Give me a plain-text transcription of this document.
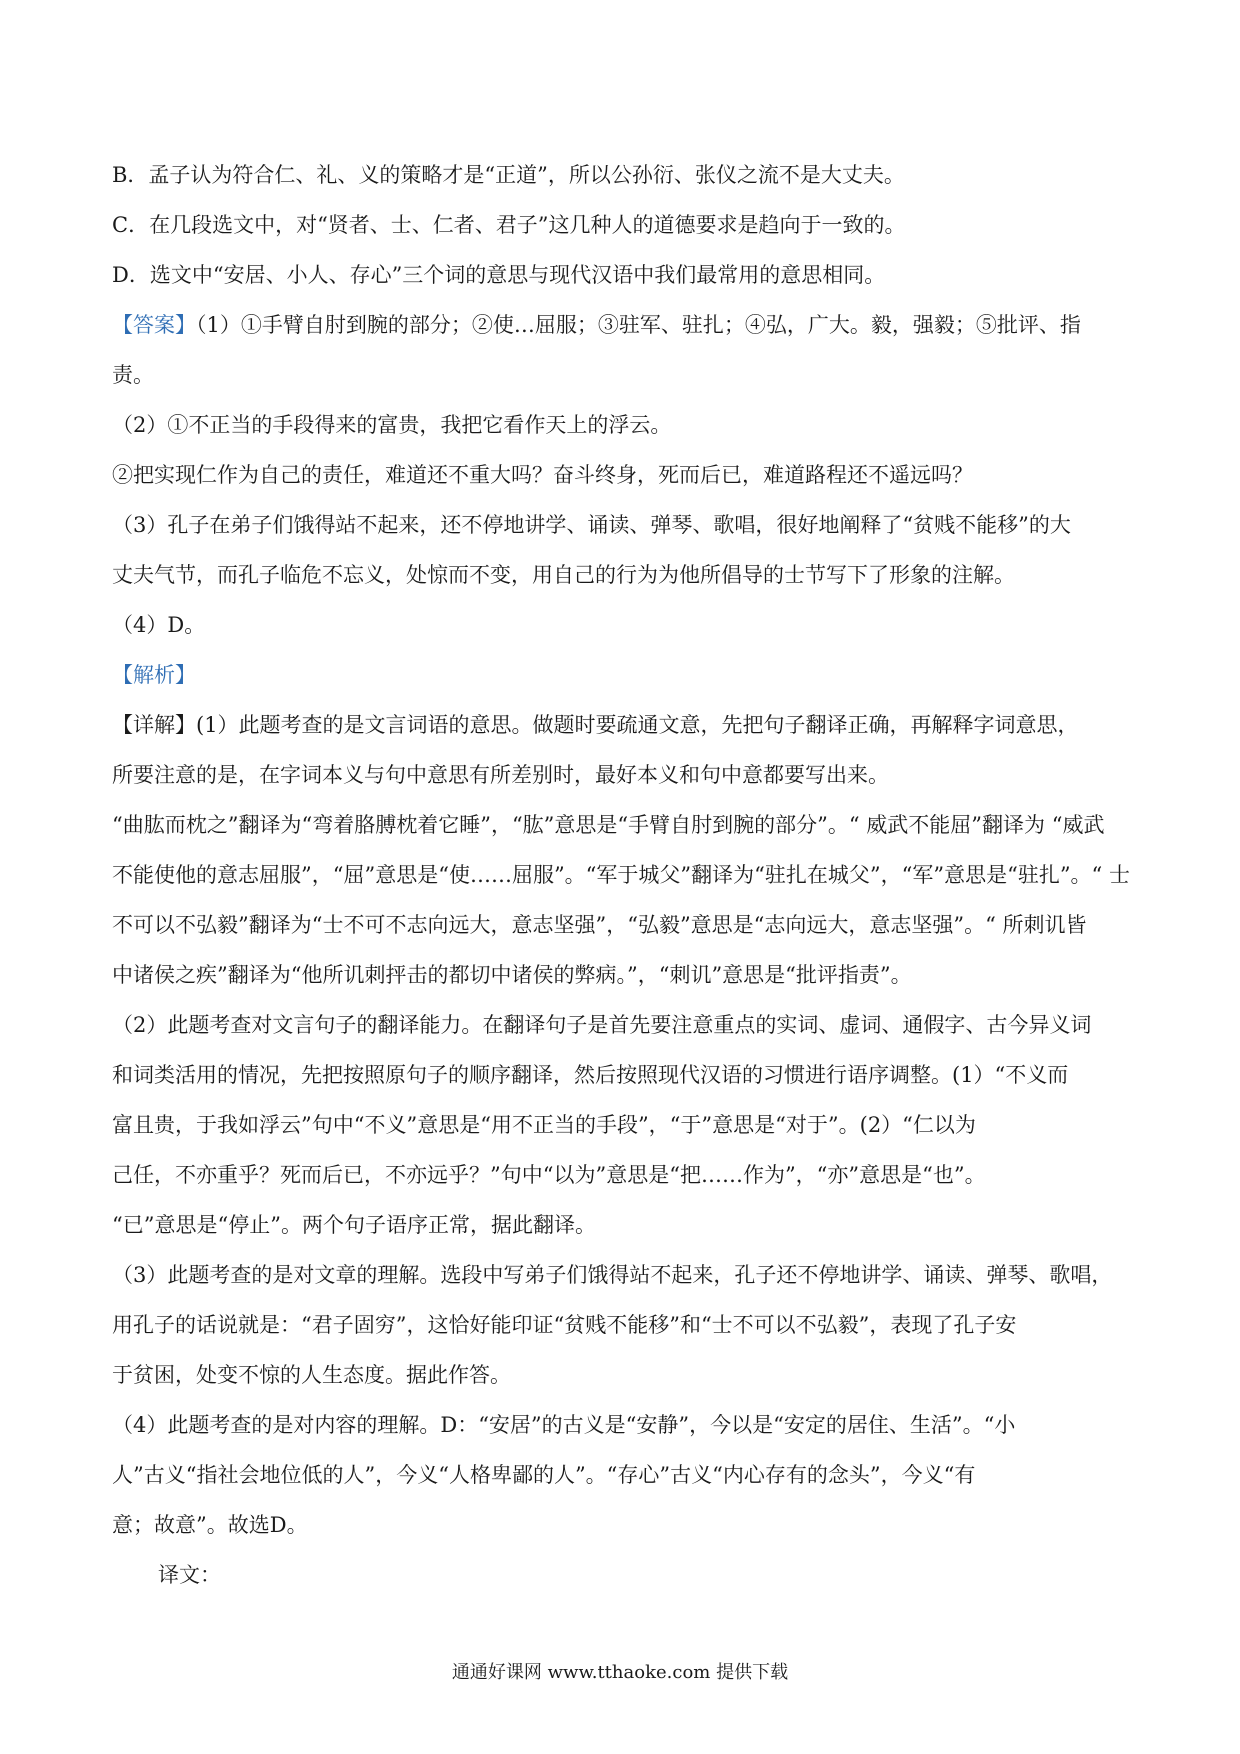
B．孟子认为符合仁、礼、义的策略才是“正道”，所以公孙衍、张仪之流不是大丈夫。
C．在几段选文中，对“贤者、士、仁者、君子”这几种人的道德要求是趋向于一致的。
D．选文中“安居、小人、存心”三个词的意思与现代汉语中我们最常用的意思相同。
【答案】（1）①手臂自肘到腕的部分；②使…屈服；③驻军、驻扎；④弘，广大。毅，强毅；⑤批评、指
责。
（2）①不正当的手段得来的富贵，我把它看作天上的浮云。
②把实现仁作为自己的责任，难道还不重大吗？奋斗终身，死而后已，难道路程还不遥远吗？
（3）孔子在弟子们饿得站不起来，还不停地讲学、诵读、弹琴、歌唱，很好地阐释了“贫贱不能移”的大
丈夫气节，而孔子临危不忘义，处惊而不变，用自己的行为为他所倡导的士节写下了形象的注解。
（4）D。
【解析】
【详解】(1）此题考查的是文言词语的意思。做题时要疏通文意，先把句子翻译正确，再解释字词意思，
所要注意的是，在字词本义与句中意思有所差别时，最好本义和句中意都要写出来。
“曲肱而枕之”翻译为“弯着胳膊枕着它睡”，“肱”意思是“手臂自肘到腕的部分”。“ 威武不能屈”翻译为 “威武
不能使他的意志屈服”，“屈”意思是“使……屈服”。“军于城父”翻译为“驻扎在城父”，“军”意思是“驻扎”。“ 士
不可以不弘毅”翻译为“士不可不志向远大，意志坚强”，“弘毅”意思是“志向远大，意志坚强”。“ 所刺讥皆
中诸侯之疾”翻译为“他所讥刺抨击的都切中诸侯的弊病。”，“刺讥”意思是“批评指责”。
（2）此题考查对文言句子的翻译能力。在翻译句子是首先要注意重点的实词、虚词、通假字、古今异义词
和词类活用的情况，先把按照原句子的顺序翻译，然后按照现代汉语的习惯进行语序调整。(1）“不义而
富且贵，于我如浮云”句中“不义”意思是“用不正当的手段”，“于”意思是“对于”。(2）“仁以为
己任，不亦重乎？死而后已，不亦远乎？”句中“以为”意思是“把……作为”，“亦”意思是“也”。
“已”意思是“停止”。两个句子语序正常，据此翻译。
（3）此题考查的是对文章的理解。选段中写弟子们饿得站不起来，孔子还不停地讲学、诵读、弹琴、歌唱，
用孔子的话说就是：“君子固穷”，这恰好能印证“贫贱不能移”和“士不可以不弘毅”，表现了孔子安
于贫困，处变不惊的人生态度。据此作答。
（4）此题考查的是对内容的理解。D：“安居”的古义是“安静”，今以是“安定的居住、生活”。“小
人”古义“指社会地位低的人”，今义“人格卑鄙的人”。“存心”古义“内心存有的念头”，今义“有
意；故意”。故选D。
译文：
通通好课网 www.tthaoke.com 提供下载
